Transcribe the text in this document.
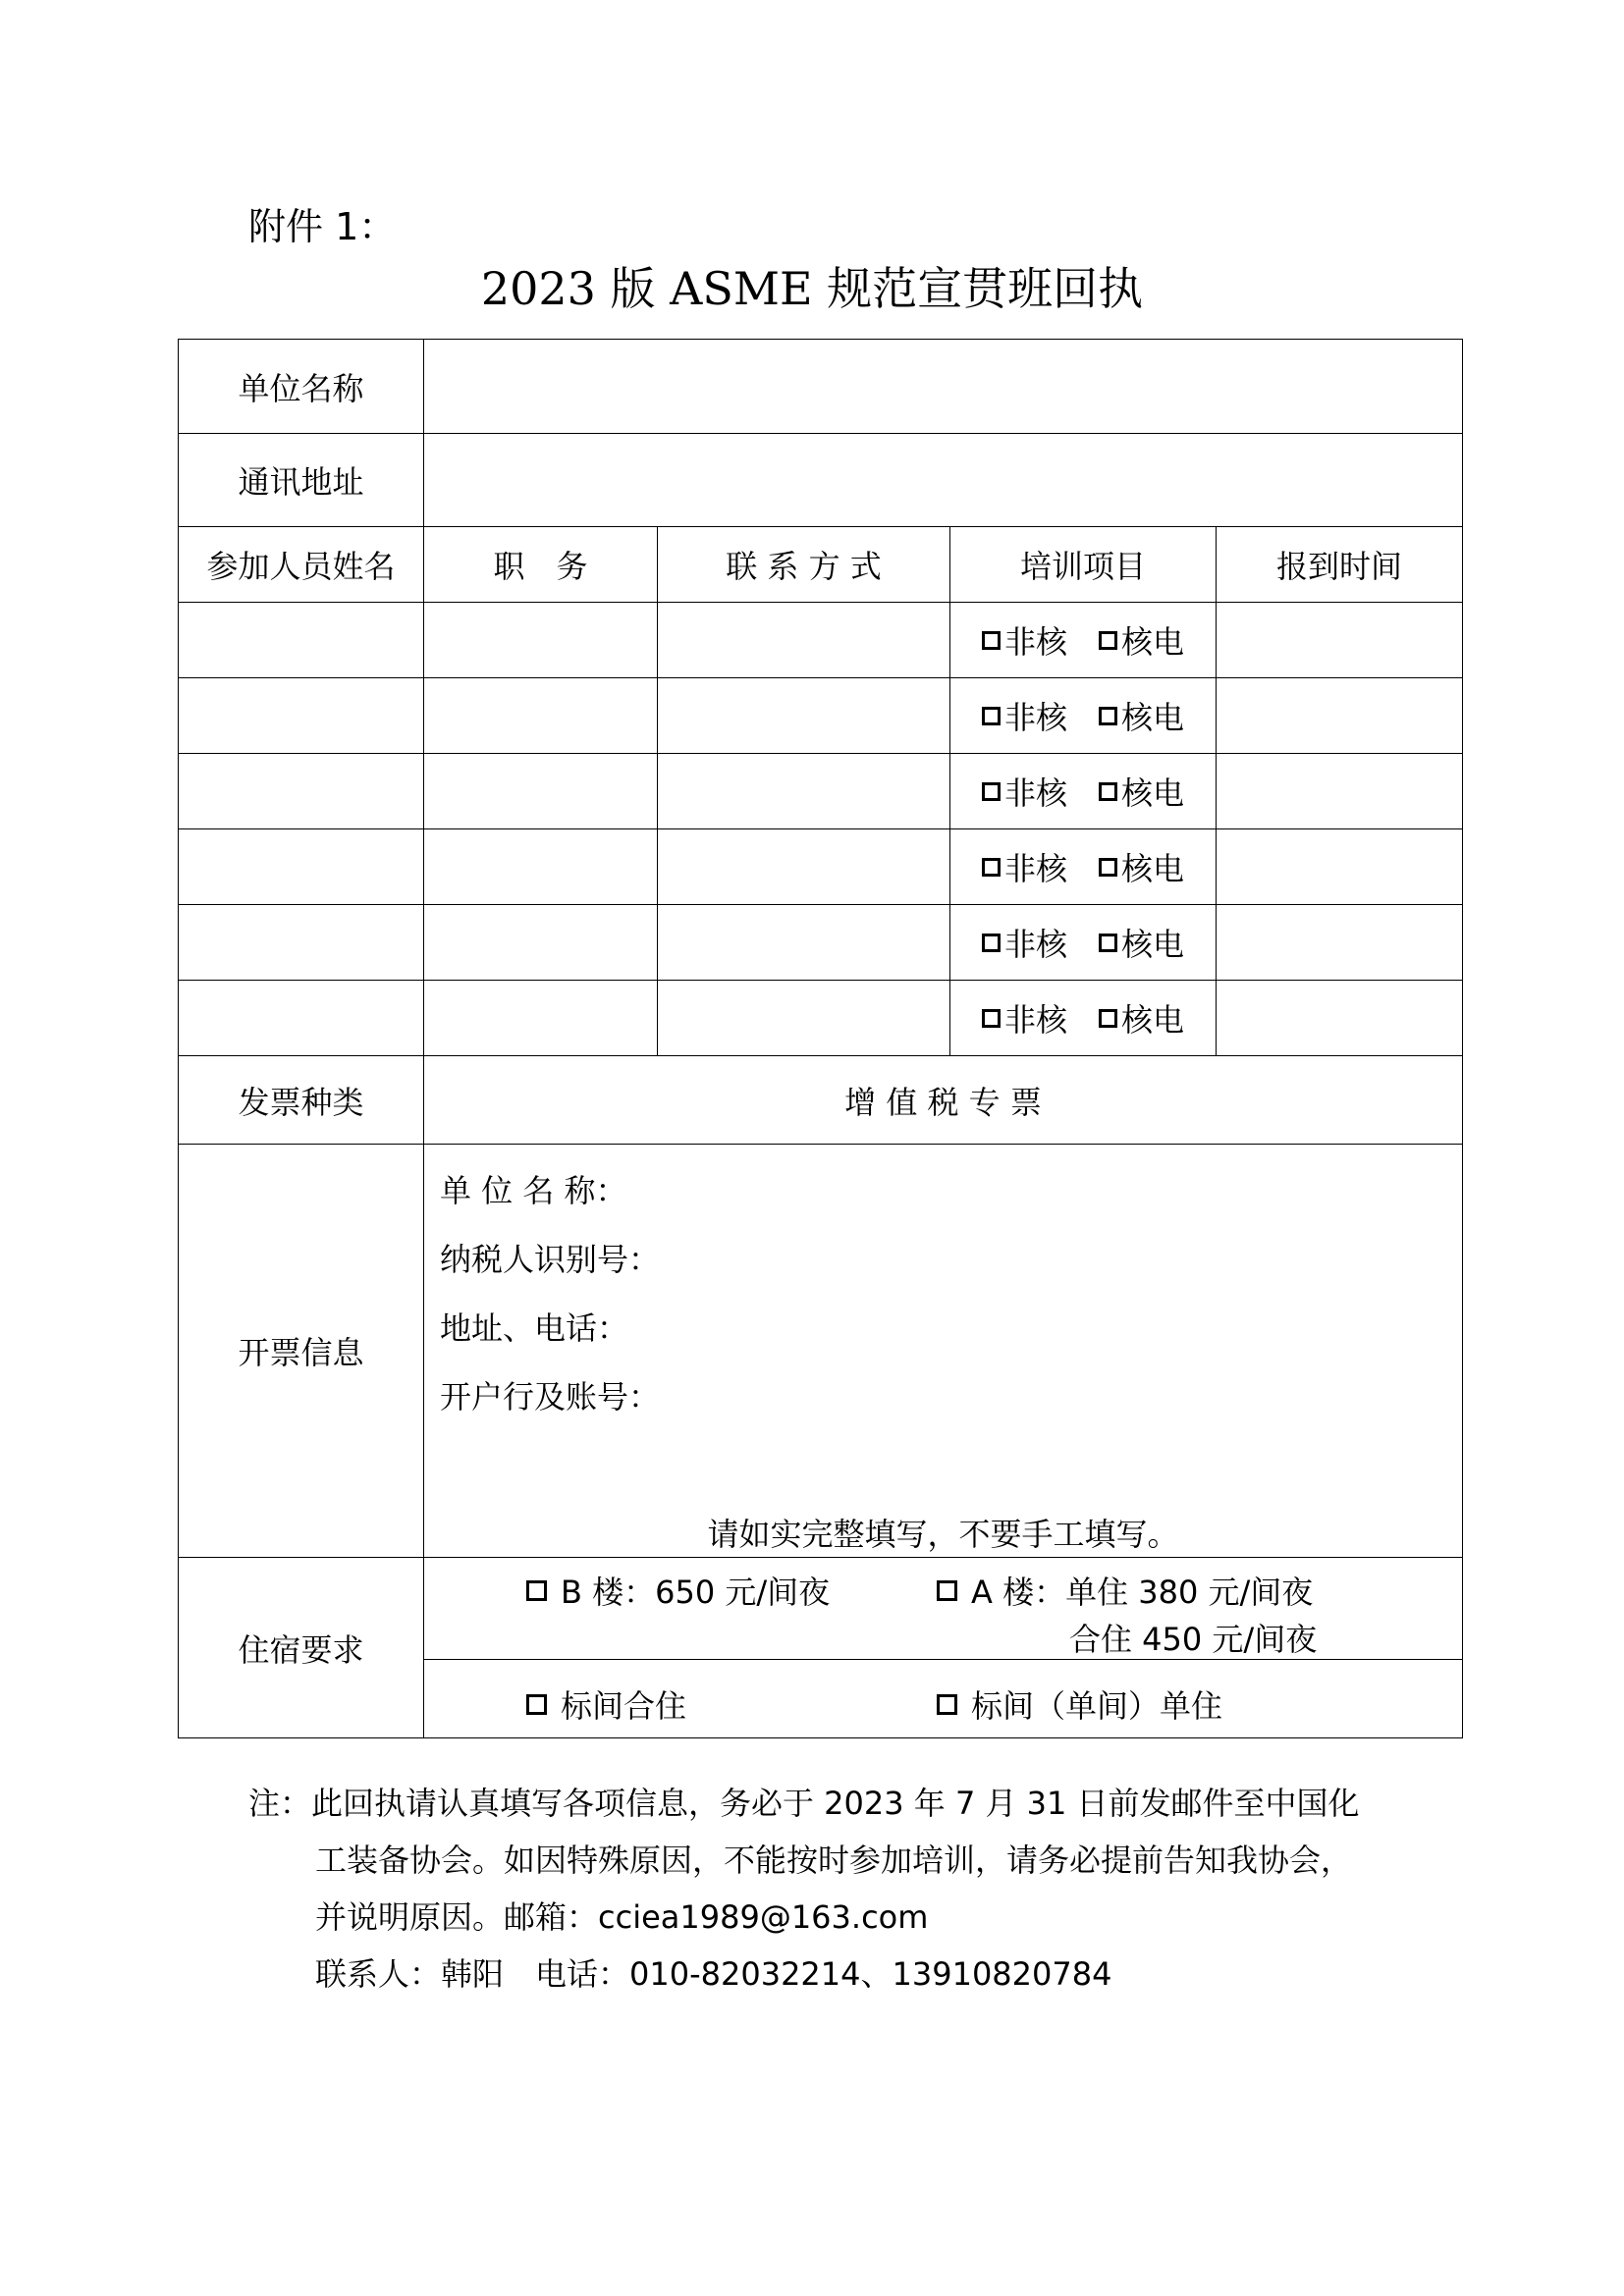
附件 1：
2023 版 ASME 规范宣贯班回执
单位名称				
通讯地址				
参加人员姓名	职　务	联 系 方 式	培训项目	报到时间

			非核 核电	

			非核 核电	

			非核 核电	

			非核 核电	

			非核 核电	

			非核 核电	

发票种类	增 值 税 专 票			
开票信息	单 位 名 称：
纳税人识别号：
地址、电话：
开户行及账号：
请如实完整填写，不要手工填写。			

住宿要求	B 楼：650 元/间夜 A 楼：单住 380 元/间夜
合住 450 元/间夜			

	标间合住 标间（单间）单住			
注：此回执请认真填写各项信息，务必于 2023 年 7 月 31 日前发邮件至中国化
工装备协会。如因特殊原因，不能按时参加培训，请务必提前告知我协会，
并说明原因。邮箱：cciea1989@163.com
联系人：韩阳　电话：010-82032214、13910820784
